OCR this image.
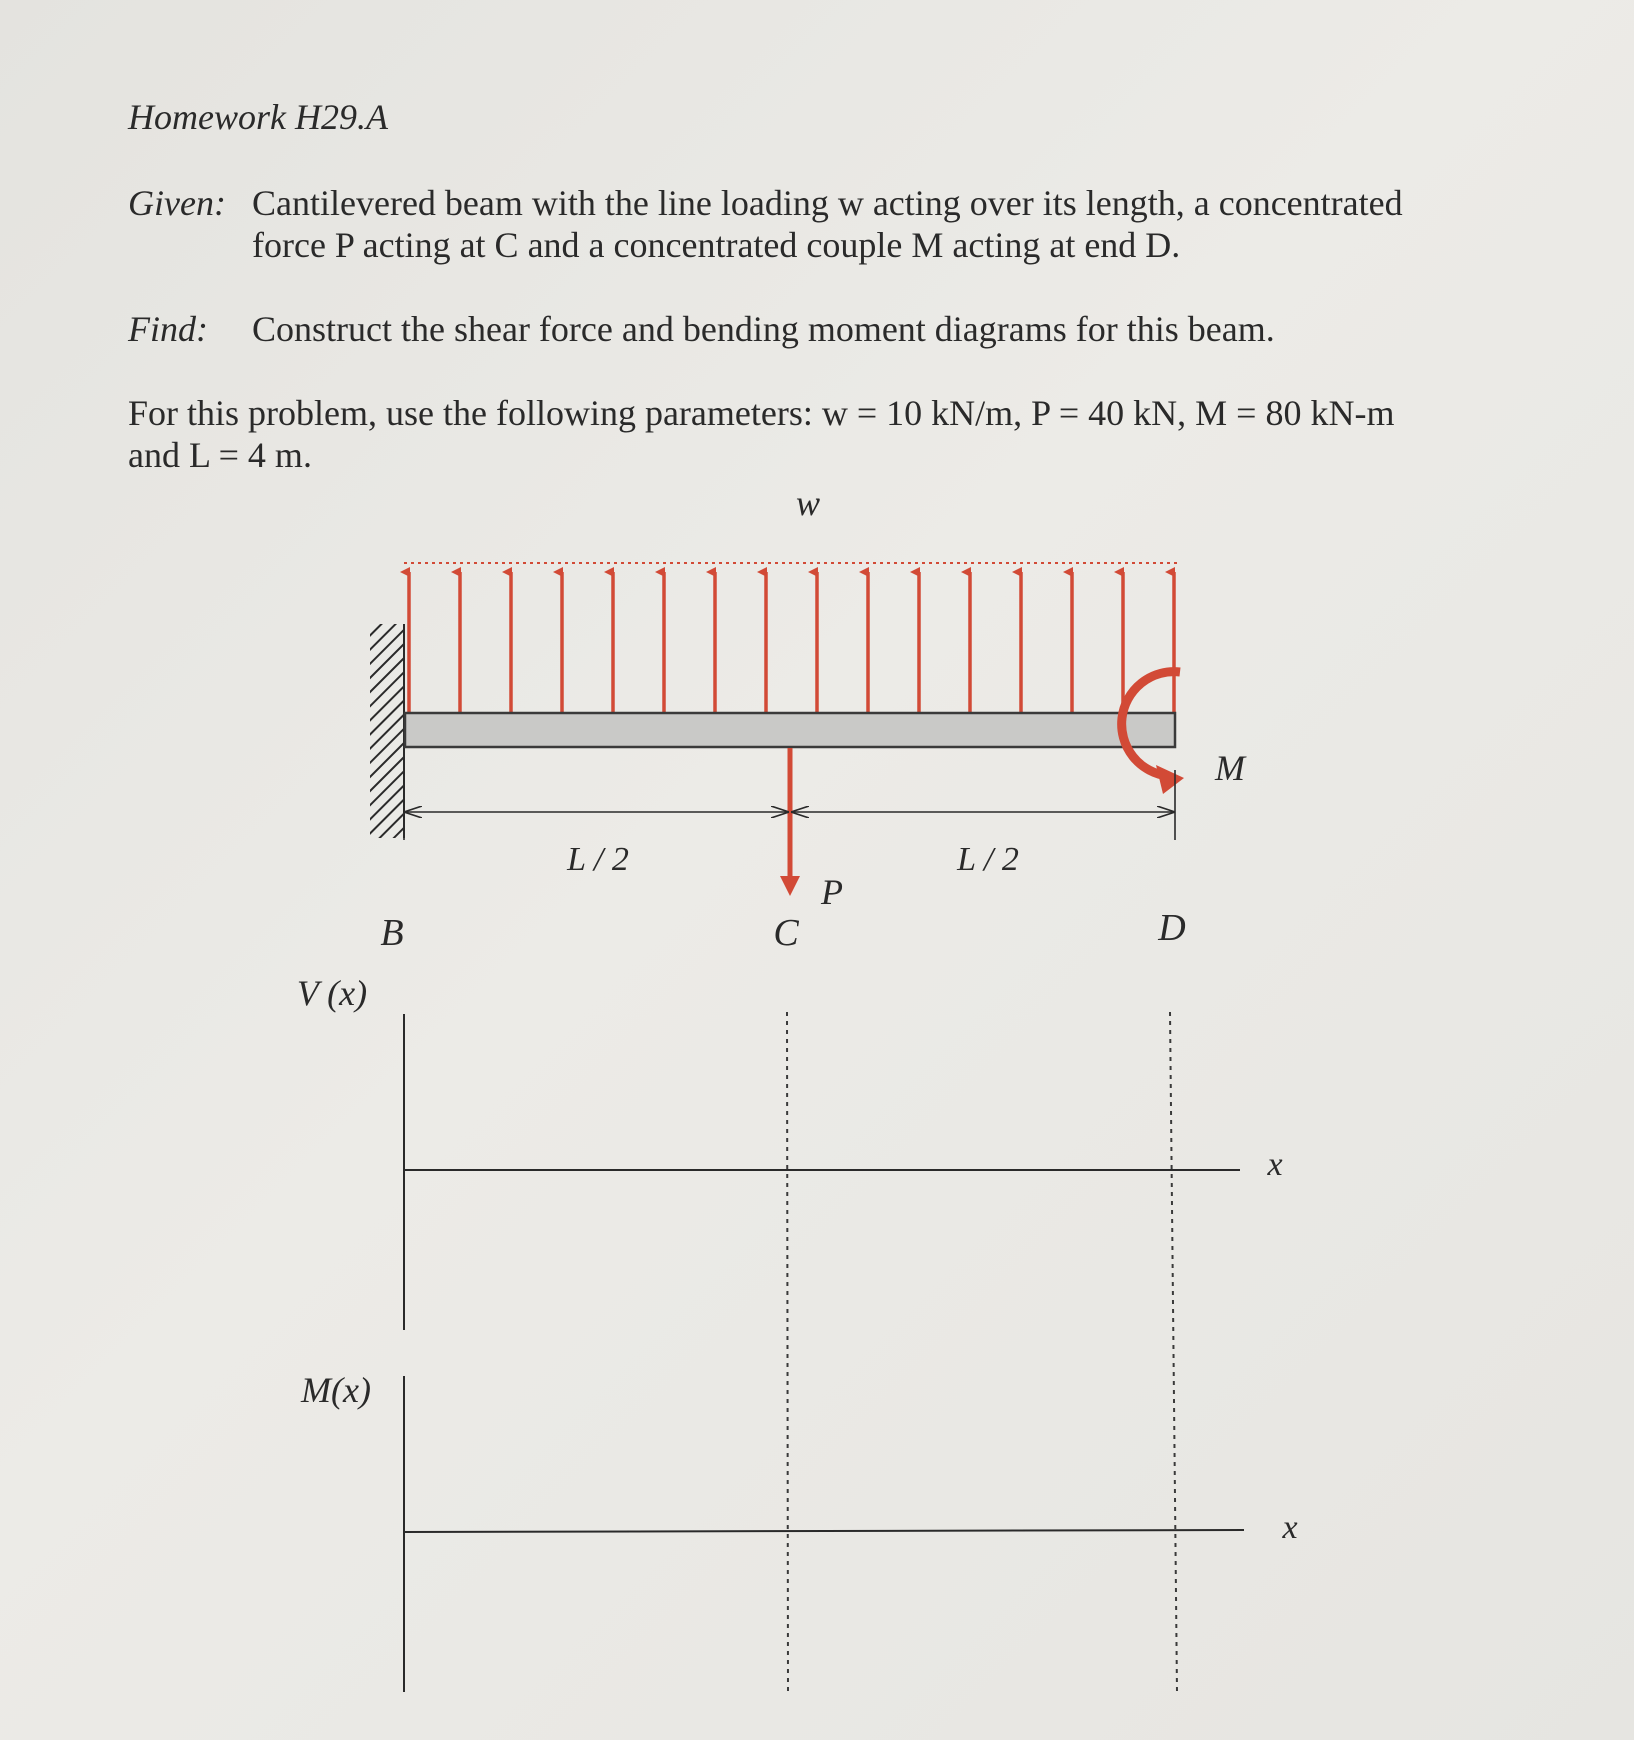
Homework H29.A
Given: Cantilevered beam with the line loading w acting over its length, a concentrated
force P acting at C and a concentrated couple M acting at end D.
Find: Construct the shear force and bending moment diagrams for this beam.
For this problem, use the following parameters: w = 10 kN/m, P = 40 kN, M = 80 kN-m
and L = 4 m.
w
M
P
L / 2	L / 2
B	C	D
V (x)
x
M(x)
x
